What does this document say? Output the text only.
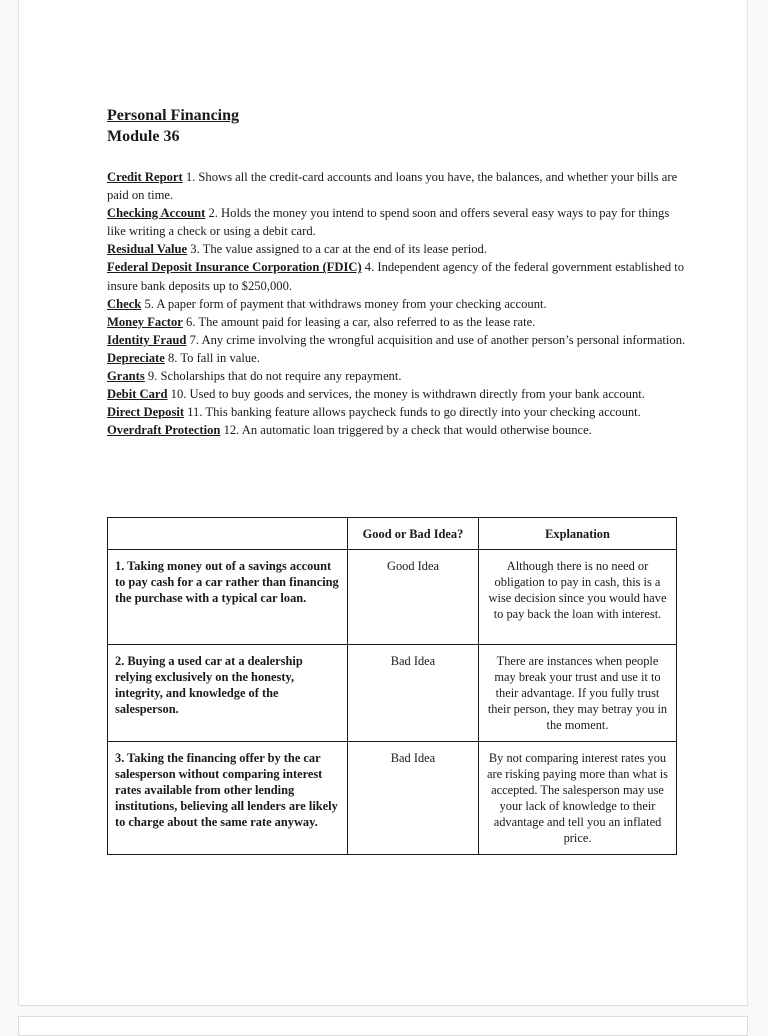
Personal Financing
Module 36

Credit Report 1. Shows all the credit-card accounts and loans you have, the balances, and whether your bills are paid on time.

Checking Account 2. Holds the money you intend to spend soon and offers several easy ways to pay for things like writing a check or using a debit card.

Residual Value 3. The value assigned to a car at the end of its lease period.

Federal Deposit Insurance Corporation (FDIC) 4. Independent agency of the federal government established to insure bank deposits up to $250,000.

Check 5. A paper form of payment that withdraws money from your checking account.

Money Factor 6. The amount paid for leasing a car, also referred to as the lease rate.

Identity Fraud 7. Any crime involving the wrongful acquisition and use of another person’s personal information.

Depreciate 8. To fall in value.

Grants 9. Scholarships that do not require any repayment.

Debit Card 10. Used to buy goods and services, the money is withdrawn directly from your bank account.

Direct Deposit 11. This banking feature allows paycheck funds to go directly into your checking account.

Overdraft Protection 12. An automatic loan triggered by a check that would otherwise bounce.

	Good or Bad Idea?	Explanation
1. Taking money out of a savings account to pay cash for a car rather than financing the purchase with a typical car loan.	Good Idea	Although there is no need or obligation to pay in cash, this is a wise decision since you would have to pay back the loan with interest.
2. Buying a used car at a dealership relying exclusively on the honesty, integrity, and knowledge of the salesperson.	Bad Idea	There are instances when people may break your trust and use it to their advantage. If you fully trust their person, they may betray you in the moment.
3. Taking the financing offer by the car salesperson without comparing interest rates available from other lending institutions, believing all lenders are likely to charge about the same rate anyway.	Bad Idea	By not comparing interest rates you are risking paying more than what is accepted. The salesperson may use your lack of knowledge to their advantage and tell you an inflated price.
